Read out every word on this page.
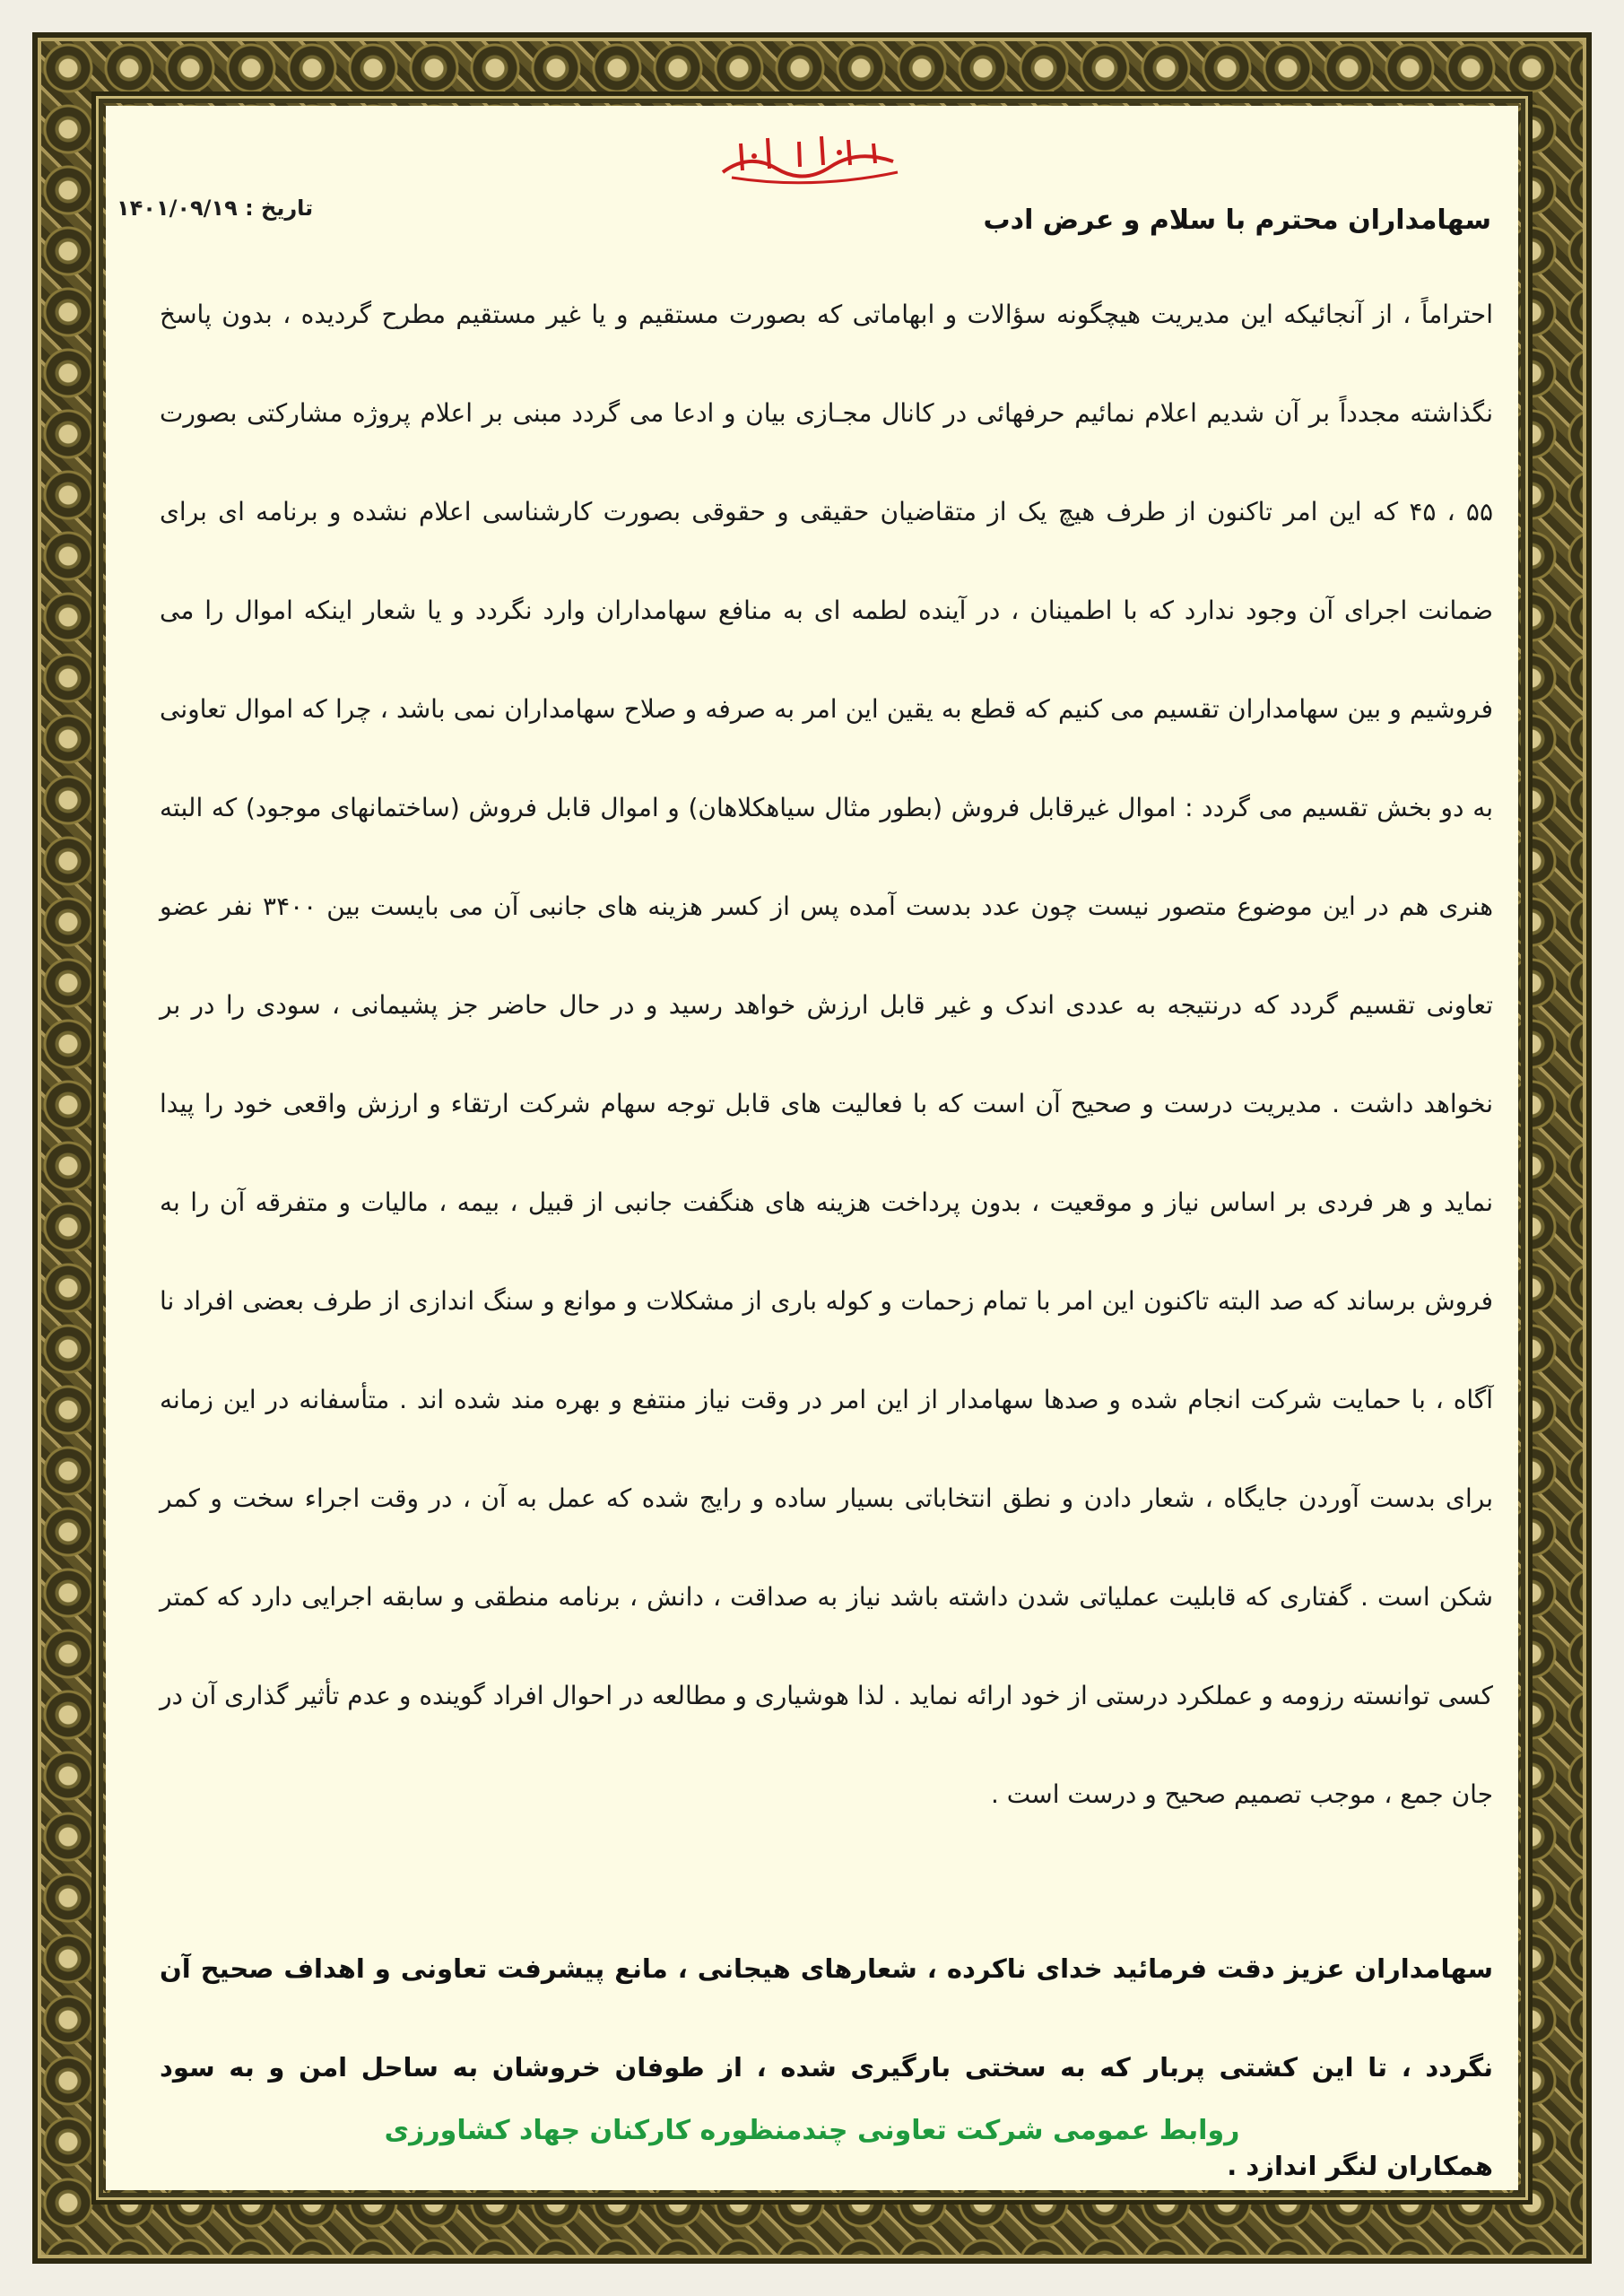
تاریخ : ۱۴۰۱/۰۹/۱۹	سهامداران محترم با سلام و عرض ادب

احتراماً ، از آنجائیکه این مدیریت هیچگونه سؤالات و ابهاماتی که بصورت مستقیم و یا غیر مستقیم مطرح گردیده ، بدون پاسخ نگذاشته مجدداً بر آن شدیم اعلام نمائیم حرفهائی در کانال مجـازی بیان و ادعا می گردد مبنی بر اعلام پروژه مشارکتی بصورت ۵۵ ، ۴۵ که این امر تاکنون از طرف هیچ یک از متقاضیان حقیقی و حقوقی بصورت کارشناسی اعلام نشده و برنامه ای برای ضمانت اجرای آن وجود ندارد که با اطمینان ، در آینده لطمه ای به منافع سهامداران وارد نگردد و یا شعار اینکه اموال را می فروشیم و بین سهامداران تقسیم می کنیم که قطع به یقین این امر به صرفه و صلاح سهامداران نمی باشد ، چرا که اموال تعاونی به دو بخش تقسیم می گردد : اموال غیرقابل فروش (بطور مثال سیاهکلاهان) و اموال قابل فروش (ساختمانهای موجود) که البته هنری هم در این موضوع متصور نیست چون عدد بدست آمده پس از کسر هزینه های جانبی آن می بایست بین ۳۴۰۰ نفر عضو تعاونی تقسیم گردد که درنتیجه به عددی اندک و غیر قابل ارزش خواهد رسید و در حال حاضر جز پشیمانی ، سودی را در بر نخواهد داشت . مدیریت درست و صحیح آن است که با فعالیت های قابل توجه سهام شرکت ارتقاء و ارزش واقعی خود را پیدا نماید و هر فردی بر اساس نیاز و موقعیت ، بدون پرداخت هزینه های هنگفت جانبی از قبیل ، بیمه ، مالیات و متفرقه آن را به فروش برساند که صد البته تاکنون این امر با تمام زحمات و کوله باری از مشکلات و موانع و سنگ اندازی از طرف بعضی افراد نا آگاه ، با حمایت شرکت انجام شده و صدها سهامدار از این امر در وقت نیاز منتفع و بهره مند شده اند . متأسفانه در این زمانه برای بدست آوردن جایگاه ، شعار دادن و نطق انتخاباتی بسیار ساده و رایج شده که عمل به آن ، در وقت اجراء سخت و کمر شکن است . گفتاری که قابلیت عملیاتی شدن داشته باشد نیاز به صداقت ، دانش ، برنامه منطقی و سابقه اجرایی دارد که کمتر کسی توانسته رزومه و عملکرد درستی از خود ارائه نماید . لذا هوشیاری و مطالعه در احوال افراد گوینده و عدم تأثیر گذاری آن در جان جمع ، موجب تصمیم صحیح و درست است .

سهامداران عزیز دقت فرمائید خدای ناکرده ، شعارهای هیجانی ، مانع پیشرفت تعاونی و اهداف صحیح آن نگردد ، تا این کشتی پربار که به سختی بارگیری شده ، از طوفان خروشان به ساحل امن و به سود همکاران لنگر اندازد .

روابط عمومی شرکت تعاونی چندمنظوره کارکنان جهاد کشاورزی
